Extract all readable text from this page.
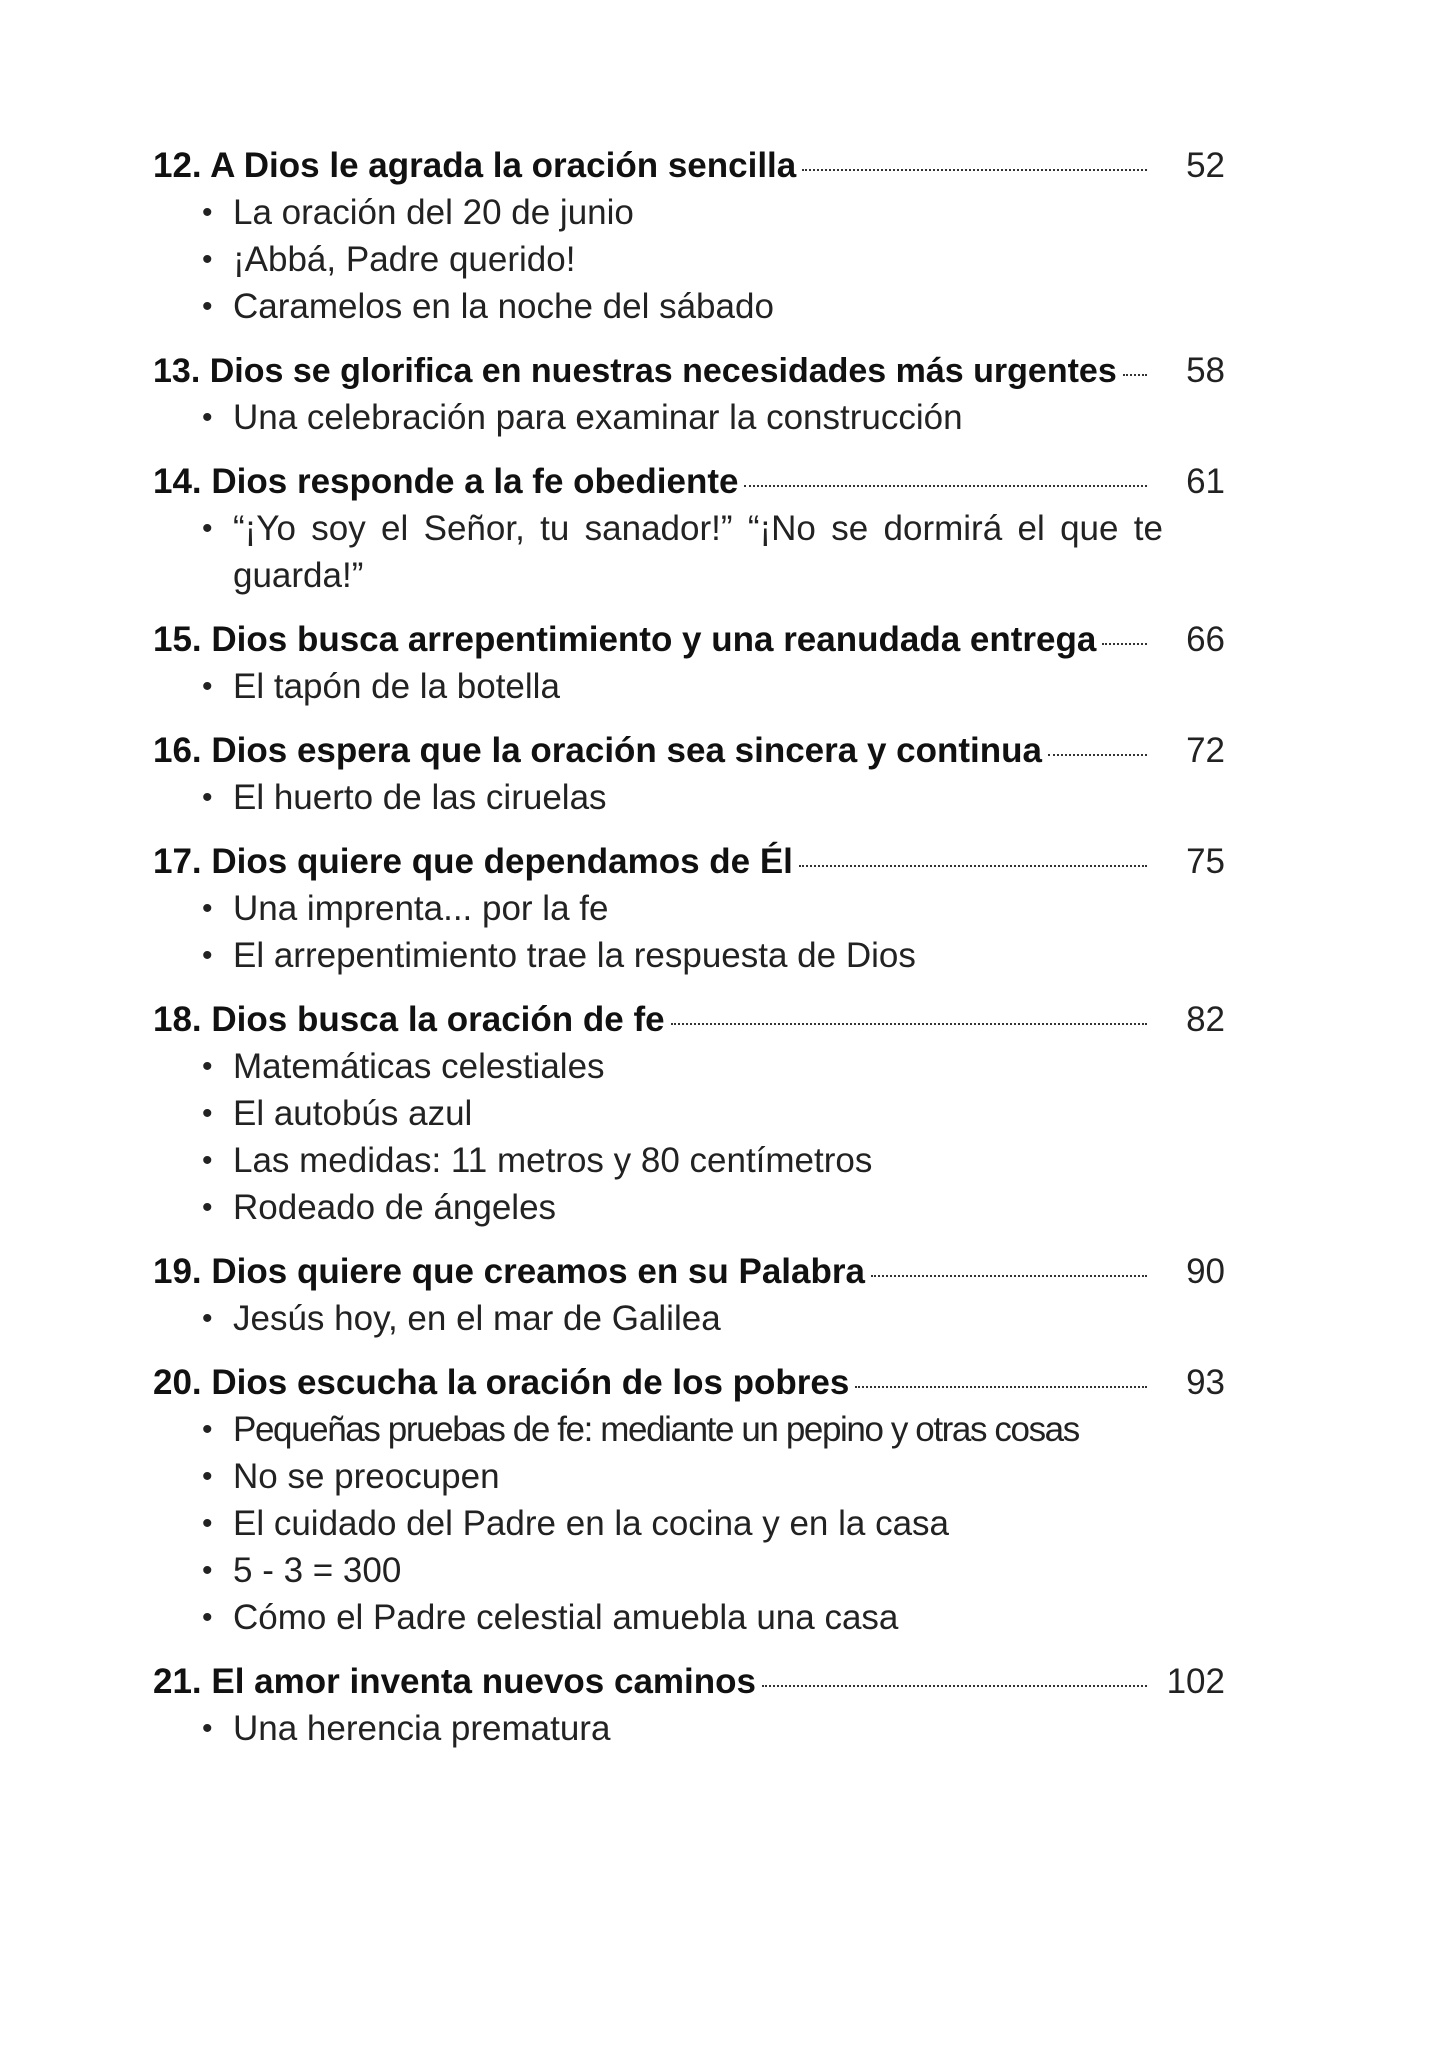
12. A Dios le agrada la oración sencilla	52
• La oración del 20 de junio
• ¡Abbá, Padre querido!
• Caramelos en la noche del sábado
13. Dios se glorifica en nuestras necesidades más urgentes	58
• Una celebración para examinar la construcción
14. Dios responde a la fe obediente	61
• “¡Yo soy el Señor, tu sanador!” “¡No se dormirá el que te guarda!”
15. Dios busca arrepentimiento y una reanudada entrega	66
• El tapón de la botella
16. Dios espera que la oración sea sincera y continua	72
• El huerto de las ciruelas
17. Dios quiere que dependamos de Él	75
• Una imprenta... por la fe
• El arrepentimiento trae la respuesta de Dios
18. Dios busca la oración de fe	82
• Matemáticas celestiales
• El autobús azul
• Las medidas: 11 metros y 80 centímetros
• Rodeado de ángeles
19. Dios quiere que creamos en su Palabra	90
• Jesús hoy, en el mar de Galilea
20. Dios escucha la oración de los pobres	93
• Pequeñas pruebas de fe: mediante un pepino y otras cosas
• No se preocupen
• El cuidado del Padre en la cocina y en la casa
• 5 - 3 = 300
• Cómo el Padre celestial amuebla una casa
21. El amor inventa nuevos caminos	102
• Una herencia prematura
